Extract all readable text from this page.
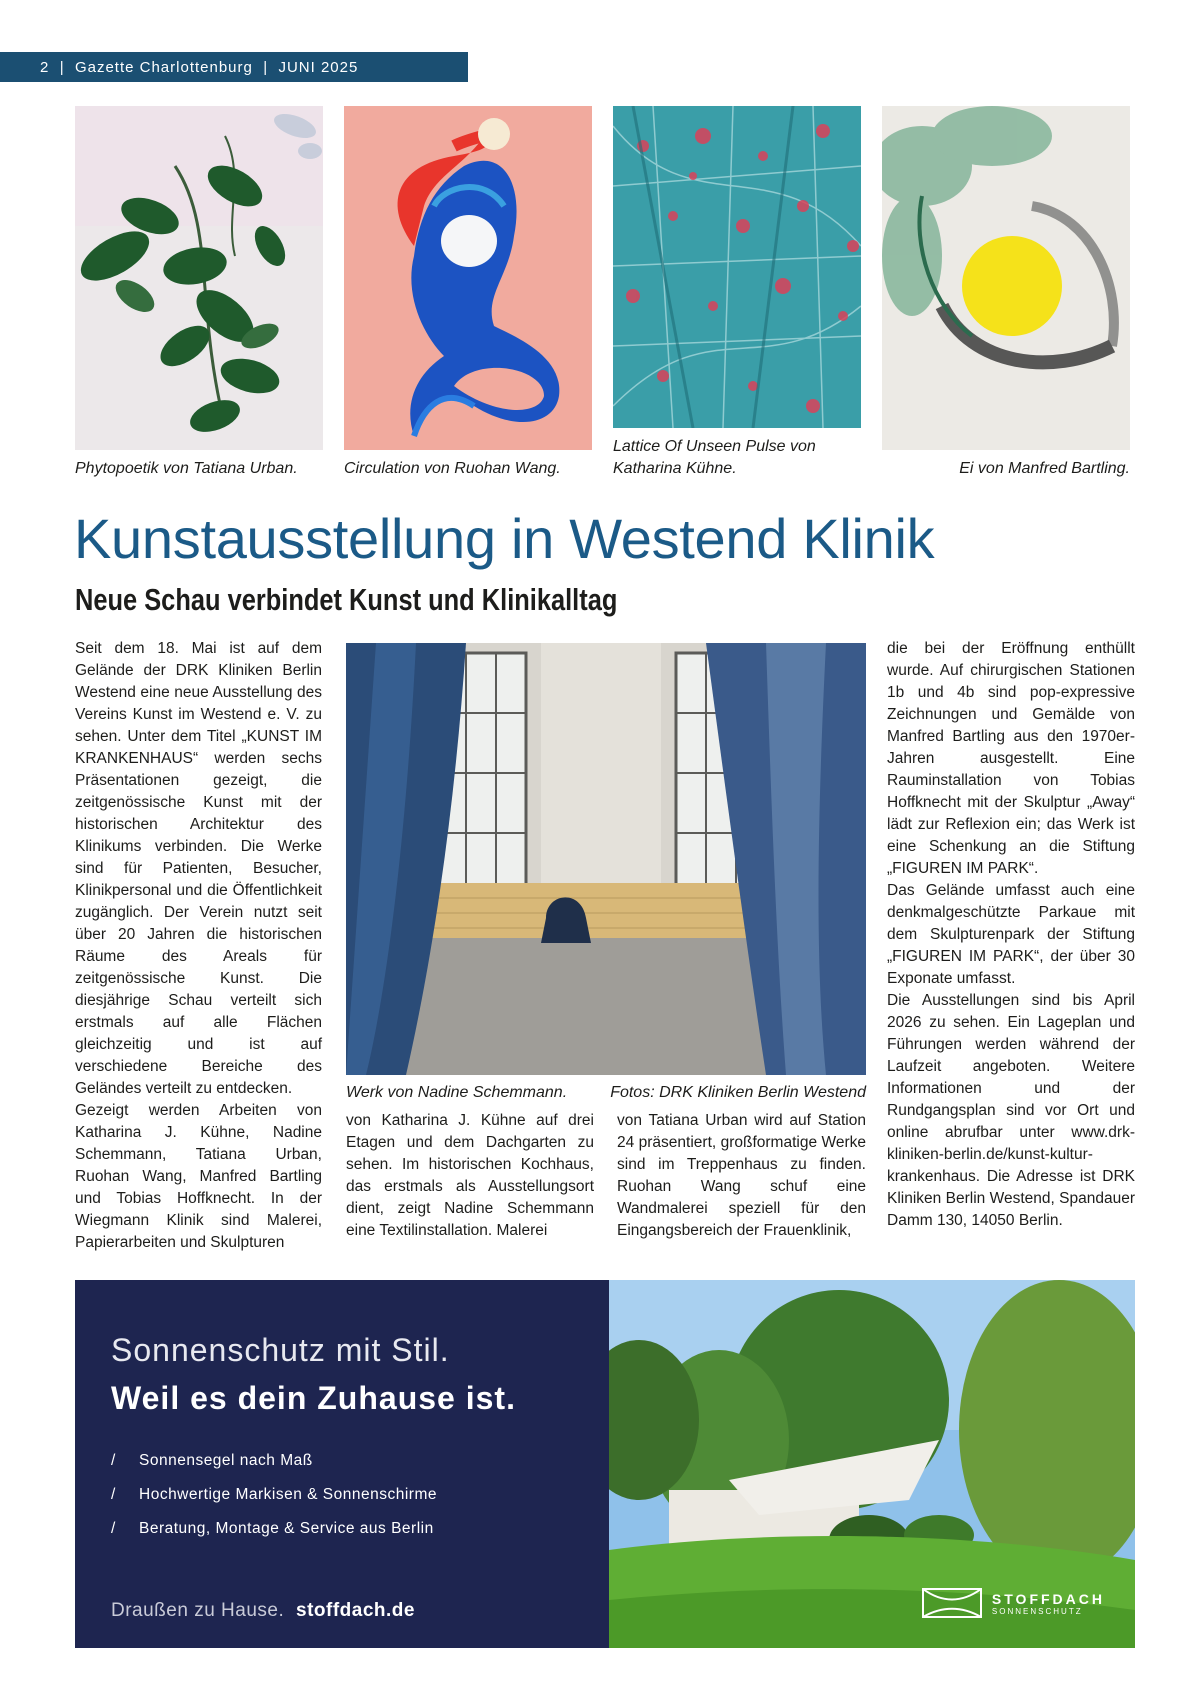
2
|
Gazette Charlottenburg
|
JUNI 2025
Phytopoetik von Tatiana Urban.	Circulation von Ruohan Wang.
Lattice Of Unseen Pulse von
Katharina Kühne.	Ei von Manfred Bartling.
Kunstausstellung in Westend Klinik
Neue Schau verbindet Kunst und Klinikalltag

Seit dem 18. Mai ist auf dem Gelände der DRK Kliniken Berlin Westend eine neue Ausstellung des Vereins Kunst im Westend e. V. zu sehen. Unter dem Titel „KUNST IM KRANKENHAUS“ werden sechs Präsentationen gezeigt, die zeitgenössische Kunst mit der historischen Architektur des Klinikums verbinden. Die Werke sind für Patienten, Besucher, Klinikpersonal und die Öffentlichkeit zugänglich. Der Verein nutzt seit über 20 Jahren die historischen Räume des Areals für zeitgenössische Kunst. Die diesjährige Schau verteilt sich erstmals auf alle Flächen gleichzeitig und ist auf verschiedene Bereiche des Geländes verteilt zu entdecken.

Gezeigt werden Arbeiten von Katharina J. Kühne, Nadine Schemmann, Tatiana Urban, Ruohan Wang, Manfred Bartling und Tobias Hoffknecht. In der Wiegmann Klinik sind Malerei, Papierarbeiten und Skulpturen

Werk von Nadine Schemmann.	Fotos: DRK Kliniken Berlin Westend

von Katharina J. Kühne auf drei Etagen und dem Dachgarten zu sehen. Im historischen Kochhaus, das erstmals als Ausstellungsort dient, zeigt Nadine Schemmann eine Textilinstallation. Malerei

von Tatiana Urban wird auf Station 24 präsentiert, großformatige Werke sind im Treppenhaus zu finden. Ruohan Wang schuf eine Wandmalerei speziell für den Eingangsbereich der Frauenklinik,

die bei der Eröffnung enthüllt wurde. Auf chirurgischen Stationen 1b und 4b sind pop-expressive Zeichnungen und Gemälde von Manfred Bartling aus den 1970er-Jahren ausgestellt. Eine Rauminstallation von Tobias Hoffknecht mit der Skulptur „Away“ lädt zur Reflexion ein; das Werk ist eine Schenkung an die Stiftung „FIGUREN IM PARK“.

Das Gelände umfasst auch eine denkmalgeschützte Parkaue mit dem Skulpturenpark der Stiftung „FIGUREN IM PARK“, der über 30 Exponate umfasst.

Die Ausstellungen sind bis April 2026 zu sehen. Ein Lageplan und Führungen werden während der Laufzeit angeboten. Weitere Informationen und der Rundgangsplan sind vor Ort und online abrufbar unter www.drk-kliniken-berlin.de/kunst-kultur-krankenhaus. Die Adresse ist DRK Kliniken Berlin Westend, Spandauer Damm 130, 14050 Berlin.

Sonnenschutz mit Stil.
Weil es dein Zuhause ist.
/ Sonnensegel nach Maß
/ Hochwertige Markisen & Sonnenschirme
/ Beratung, Montage & Service aus Berlin
Draußen zu Hause. stoffdach.de
STOFFDACH
SONNENSCHUTZ
